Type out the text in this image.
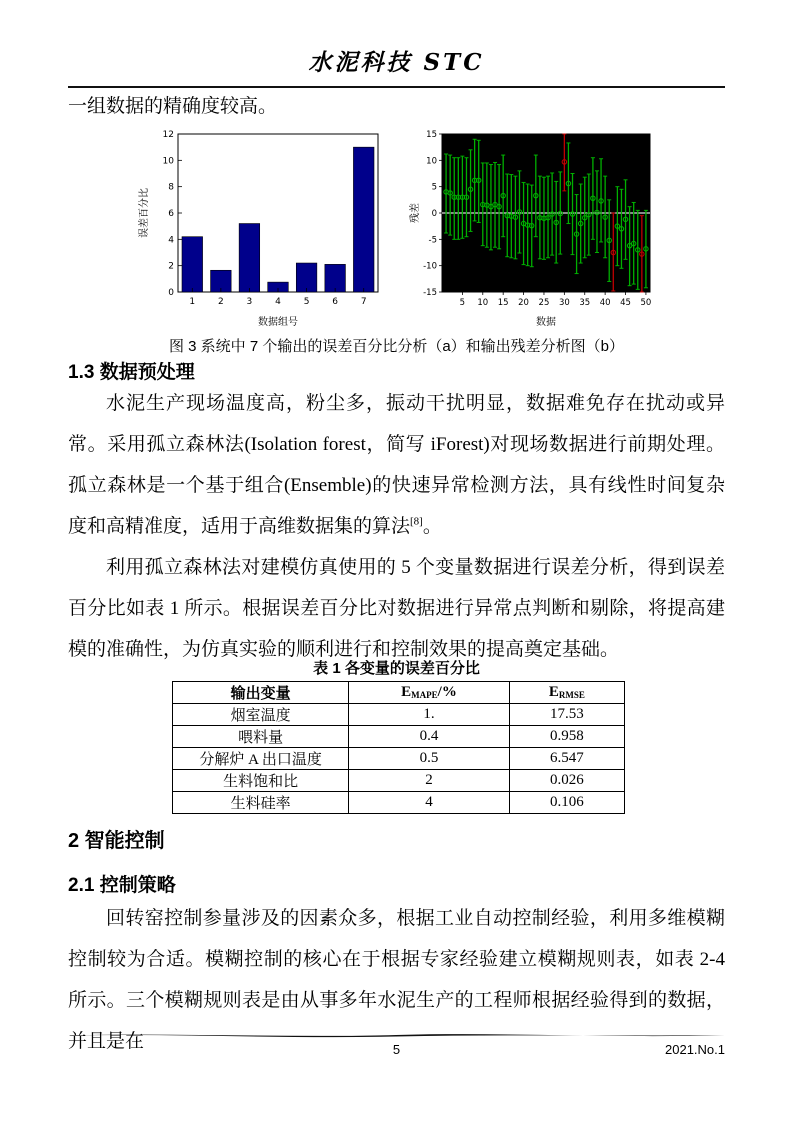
水泥科技 STC
一组数据的精确度较高。
0
2
4
6
8
10
12
1	2	3	4	5	6	7
数据组号
误差百分比
-15
-10
-5
0
5
10
15
5 10 15 20 25 30 35 40 45 50
数据
残差
图 3 系统中 7 个输出的误差百分比分析（a）和输出残差分析图（b）
1.3 数据预处理

水泥生产现场温度高，粉尘多，振动干扰明显，数据难免存在扰动或异常。采用孤立森林法(Isolation forest，简写 iForest)对现场数据进行前期处理。孤立森林是一个基于组合(Ensemble)的快速异常检测方法，具有线性时间复杂度和高精准度，适用于高维数据集的算法[8]。

利用孤立森林法对建模仿真使用的 5 个变量数据进行误差分析，得到误差百分比如表 1 所示。根据误差百分比对数据进行异常点判断和剔除，将提高建模的准确性，为仿真实验的顺利进行和控制效果的提高奠定基础。

表 1 各变量的误差百分比
输出变量	$E_{MAPE}/\%$	$E_{RMSE}$
烟室温度	1.	17.53
喂料量	0.4	0.958
分解炉 A 出口温度	0.5	6.547
生料饱和比	2	0.026
生料硅率	4	0.106
2 智能控制
2.1 控制策略

回转窑控制参量涉及的因素众多，根据工业自动控制经验，利用多维模糊控制较为合适。模糊控制的核心在于根据专家经验建立模糊规则表，如表 2-4 所示。三个模糊规则表是由从事多年水泥生产的工程师根据经验得到的数据，并且是在	5	2021.No.1
